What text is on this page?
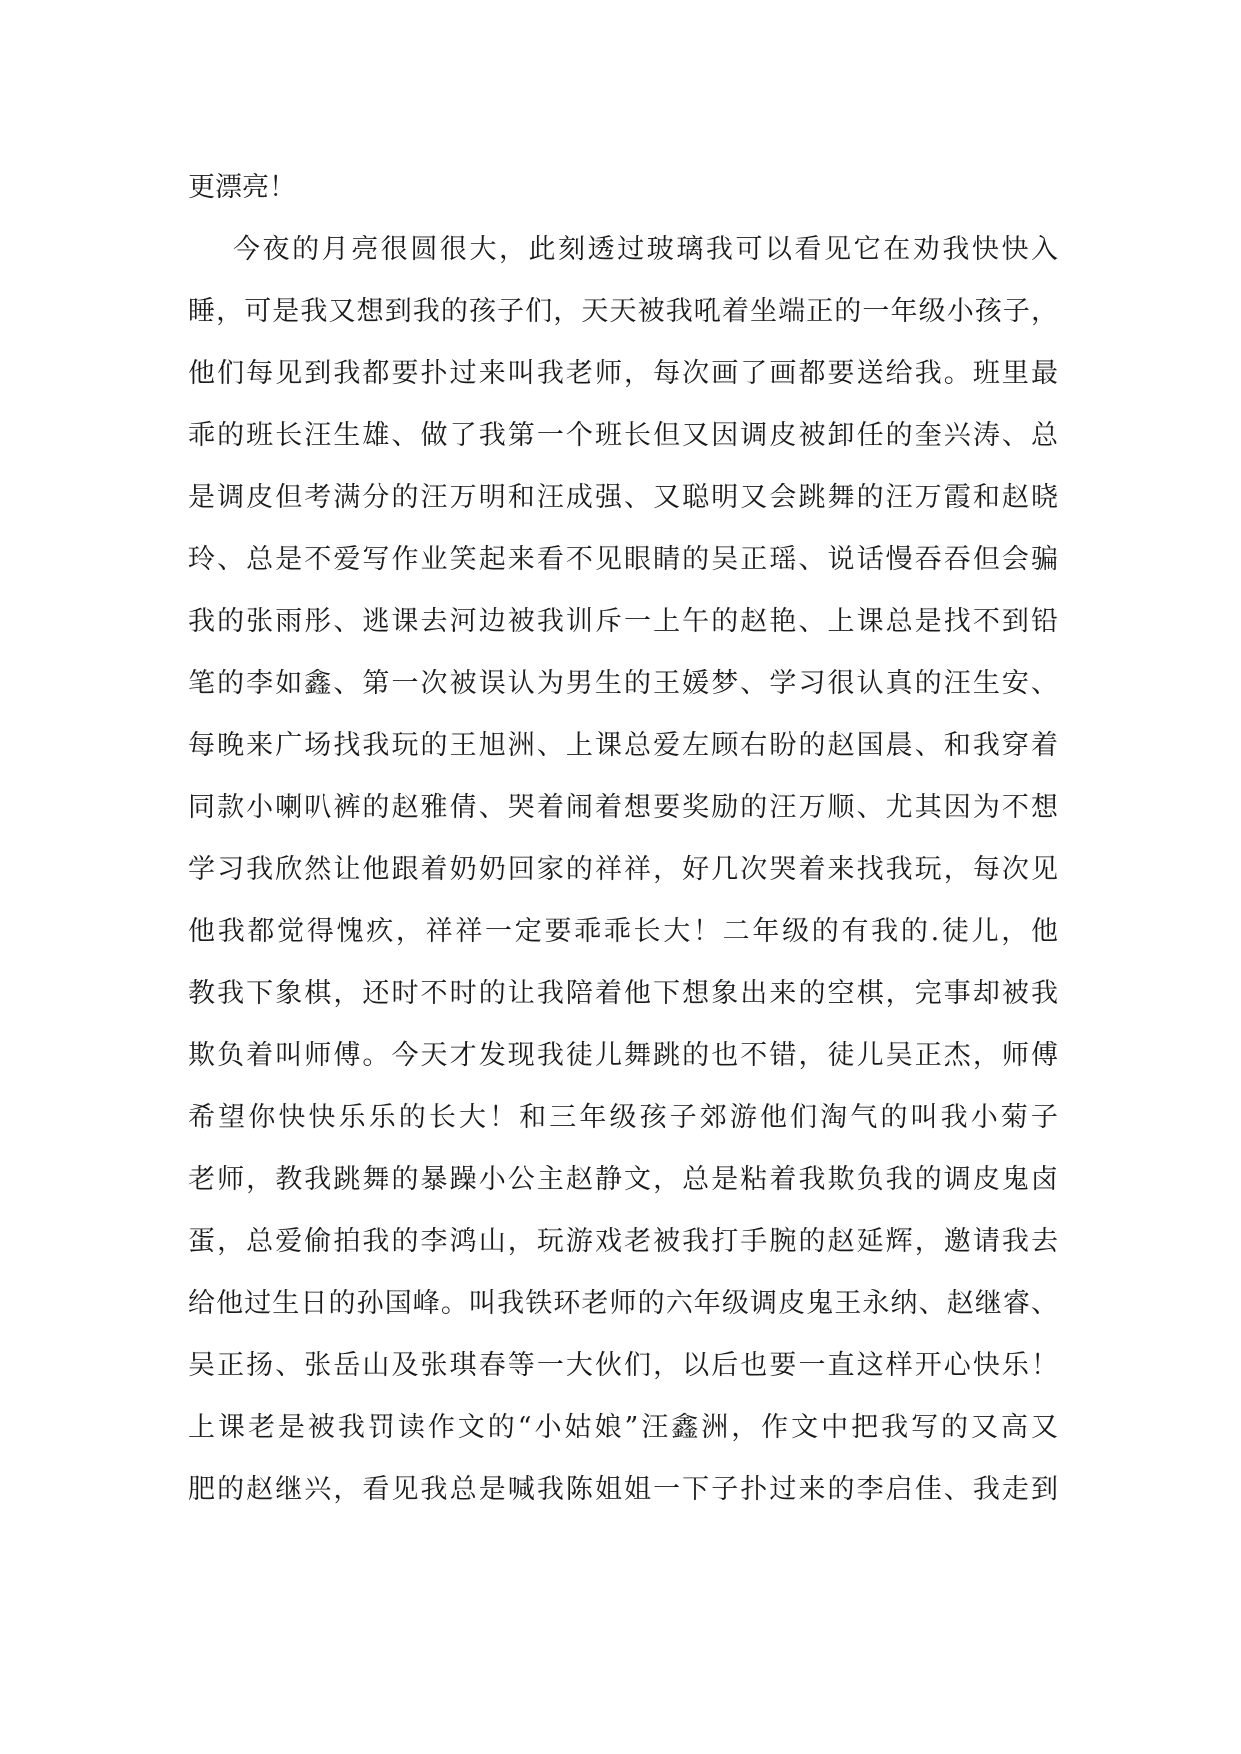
更漂亮！
今夜的月亮很圆很大，此刻透过玻璃我可以看见它在劝我快快入
睡，可是我又想到我的孩子们，天天被我吼着坐端正的一年级小孩子，
他们每见到我都要扑过来叫我老师，每次画了画都要送给我。班里最
乖的班长汪生雄、做了我第一个班长但又因调皮被卸任的奎兴涛、总
是调皮但考满分的汪万明和汪成强、又聪明又会跳舞的汪万霞和赵晓
玲、总是不爱写作业笑起来看不见眼睛的吴正瑶、说话慢吞吞但会骗
我的张雨彤、逃课去河边被我训斥一上午的赵艳、上课总是找不到铅
笔的李如鑫、第一次被误认为男生的王媛梦、学习很认真的汪生安、
每晚来广场找我玩的王旭洲、上课总爱左顾右盼的赵国晨、和我穿着
同款小喇叭裤的赵雅倩、哭着闹着想要奖励的汪万顺、尤其因为不想
学习我欣然让他跟着奶奶回家的祥祥，好几次哭着来找我玩，每次见
他我都觉得愧疚，祥祥一定要乖乖长大！二年级的有我的.徒儿，他
教我下象棋，还时不时的让我陪着他下想象出来的空棋，完事却被我
欺负着叫师傅。今天才发现我徒儿舞跳的也不错，徒儿吴正杰，师傅
希望你快快乐乐的长大！和三年级孩子郊游他们淘气的叫我小菊子
老师，教我跳舞的暴躁小公主赵静文，总是粘着我欺负我的调皮鬼卤
蛋，总爱偷拍我的李鸿山，玩游戏老被我打手腕的赵延辉，邀请我去
给他过生日的孙国峰。叫我铁环老师的六年级调皮鬼王永纳、赵继睿、
吴正扬、张岳山及张琪春等一大伙们，以后也要一直这样开心快乐！
上课老是被我罚读作文的“小姑娘”汪鑫洲，作文中把我写的又高又
肥的赵继兴，看见我总是喊我陈姐姐一下子扑过来的李启佳、我走到
